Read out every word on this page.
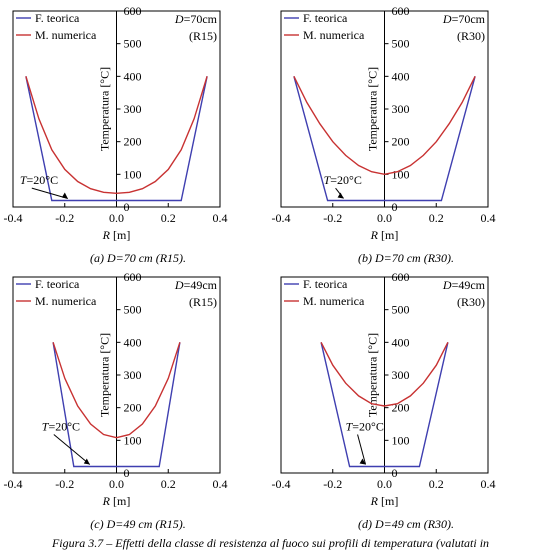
-0.4	-0.2	0.0	0.2	0.4
0
100
200
300
400
500
600
Temperatura [°C]
R [m]
F. teorica
M. numerica
D=70cm
(R15)
T=20°C
(a) D=70 cm (R15).
-0.4	-0.2	0.0	0.2	0.4
0
100
200
300
400
500
600
Temperatura [°C]
R [m]
F. teorica
M. numerica
D=70cm
(R30)
T=20°C
(b) D=70 cm (R30).
-0.4	-0.2	0.0	0.2	0.4
0
100
200
300
400
500
600
Temperatura [°C]
R [m]
F. teorica
M. numerica
D=49cm
(R15)
T=20°C
(c) D=49 cm (R15).
-0.4	-0.2	0.0	0.2	0.4
0
100
200
300
400
500
600
Temperatura [°C]
R [m]
F. teorica
M. numerica
D=49cm
(R30)
T=20°C
(d) D=49 cm (R30).
Figura 3.7 – Effetti della classe di resistenza al fuoco sui profili di temperatura (valutati in
